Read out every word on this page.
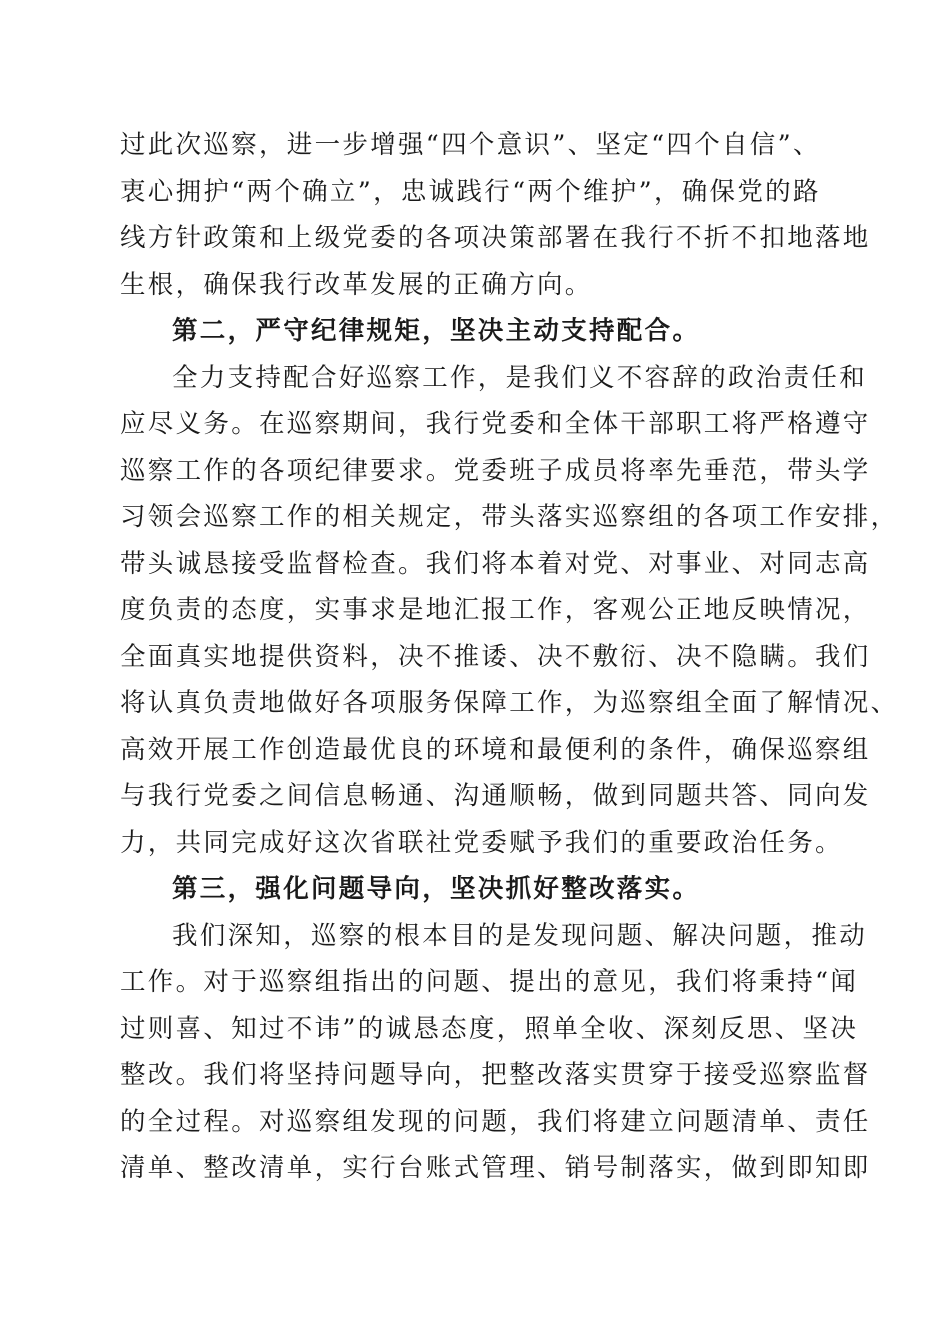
过此次巡察，进一步增强“四个意识”、坚定“四个自信”、
衷心拥护“两个确立”，忠诚践行“两个维护”，确保党的路
线方针政策和上级党委的各项决策部署在我行不折不扣地落地
生根，确保我行改革发展的正确方向。
第二，严守纪律规矩，坚决主动支持配合。
全力支持配合好巡察工作，是我们义不容辞的政治责任和
应尽义务。在巡察期间，我行党委和全体干部职工将严格遵守
巡察工作的各项纪律要求。党委班子成员将率先垂范，带头学
习领会巡察工作的相关规定，带头落实巡察组的各项工作安排，
带头诚恳接受监督检查。我们将本着对党、对事业、对同志高
度负责的态度，实事求是地汇报工作，客观公正地反映情况，
全面真实地提供资料，决不推诿、决不敷衍、决不隐瞒。我们
将认真负责地做好各项服务保障工作，为巡察组全面了解情况、
高效开展工作创造最优良的环境和最便利的条件，确保巡察组
与我行党委之间信息畅通、沟通顺畅，做到同题共答、同向发
力，共同完成好这次省联社党委赋予我们的重要政治任务。
第三，强化问题导向，坚决抓好整改落实。
我们深知，巡察的根本目的是发现问题、解决问题，推动
工作。对于巡察组指出的问题、提出的意见，我们将秉持“闻
过则喜、知过不讳”的诚恳态度，照单全收、深刻反思、坚决
整改。我们将坚持问题导向，把整改落实贯穿于接受巡察监督
的全过程。对巡察组发现的问题，我们将建立问题清单、责任
清单、整改清单，实行台账式管理、销号制落实，做到即知即
